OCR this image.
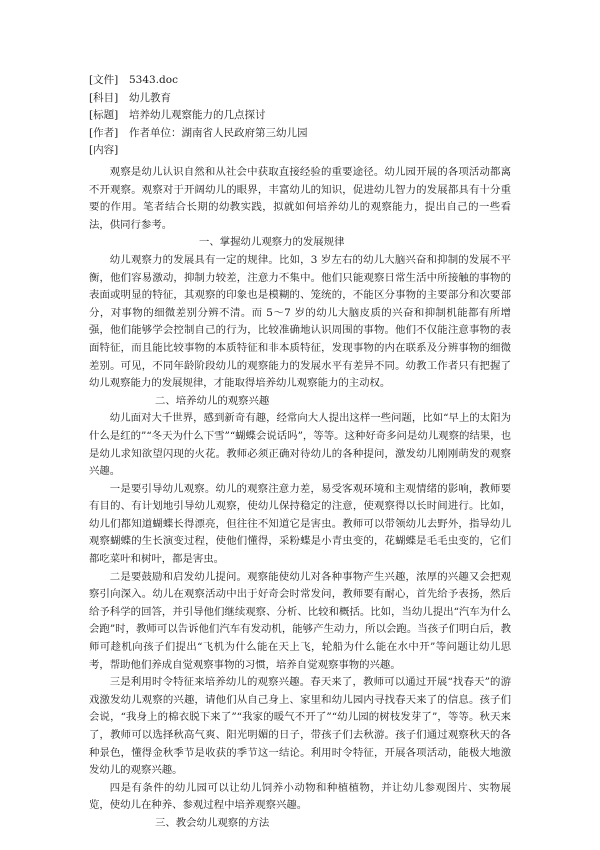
[文件]	5343.doc
[科目]	幼儿教育
[标题]	培养幼儿观察能力的几点探讨
[作者]	作者单位：湖南省人民政府第三幼儿园
[内容]

观察是幼儿认识自然和从社会中获取直接经验的重要途径。幼儿园开展的各项活动都离不开观察。观察对于开阔幼儿的眼界，丰富幼儿的知识，促进幼儿智力的发展都具有十分重要的作用。笔者结合长期的幼教实践，拟就如何培养幼儿的观察能力，提出自己的一些看法，供同行参考。

一、掌握幼儿观察力的发展规律

幼儿观察力的发展具有一定的规律。比如，3 岁左右的幼儿大脑兴奋和抑制的发展不平衡，他们容易激动，抑制力较差，注意力不集中。他们只能观察日常生活中所接触的事物的表面或明显的特征，其观察的印象也是模糊的、笼统的，不能区分事物的主要部分和次要部分，对事物的细微差别分辨不清。而 5～7 岁的幼儿大脑皮质的兴奋和抑制机能都有所增强，他们能够学会控制自己的行为，比较准确地认识周围的事物。他们不仅能注意事物的表面特征，而且能比较事物的本质特征和非本质特征，发现事物的内在联系及分辨事物的细微差别。可见，不同年龄阶段幼儿的观察能力的发展水平有差异不同。幼教工作者只有把握了幼儿观察能力的发展规律，才能取得培养幼儿观察能力的主动权。

二、培养幼儿的观察兴趣

幼儿面对大千世界，感到新奇有趣，经常向大人提出这样一些问题，比如“早上的太阳为什么是红的”“冬天为什么下雪”“蝴蝶会说话吗”，等等。这种好奇多问是幼儿观察的结果，也是幼儿求知欲望闪现的火花。教师必须正确对待幼儿的各种提问，激发幼儿刚刚萌发的观察兴趣。

一是要引导幼儿观察。幼儿的观察注意力差，易受客观环境和主观情绪的影响，教师要有目的、有计划地引导幼儿观察，使幼儿保持稳定的注意，使观察得以长时间进行。比如，幼儿们都知道蝴蝶长得漂亮，但往往不知道它是害虫。教师可以带领幼儿去野外，指导幼儿观察蝴蝶的生长演变过程，使他们懂得，采粉蝶是小青虫变的，花蝴蝶是毛毛虫变的，它们都吃菜叶和树叶，都是害虫。

二是要鼓励和启发幼儿提问。观察能使幼儿对各种事物产生兴趣，浓厚的兴趣又会把观察引向深入。幼儿在观察活动中出于好奇会时常发问，教师要有耐心，首先给予表扬，然后给予科学的回答，并引导他们继续观察、分析、比较和概括。比如，当幼儿提出“汽车为什么会跑”时，教师可以告诉他们汽车有发动机，能够产生动力，所以会跑。当孩子们明白后，教师可趁机向孩子们提出“飞机为什么能在天上飞，轮船为什么能在水中开”等问题让幼儿思考，帮助他们养成自觉观察事物的习惯，培养自觉观察事物的兴趣。

三是利用时令特征来培养幼儿的观察兴趣。春天来了，教师可以通过开展“找春天”的游戏激发幼儿观察的兴趣，请他们从自己身上、家里和幼儿园内寻找春天来了的信息。孩子们会说，“我身上的棉衣脱下来了”“我家的暖气不开了”“幼儿园的树枝发芽了”，等等。秋天来了，教师可以选择秋高气爽、阳光明媚的日子，带孩子们去秋游。孩子们通过观察秋天的各种景色，懂得金秋季节是收获的季节这一结论。利用时令特征，开展各项活动，能极大地激发幼儿的观察兴趣。

四是有条件的幼儿园可以让幼儿饲养小动物和种植植物，并让幼儿参观图片、实物展览，使幼儿在种养、参观过程中培养观察兴趣。

三、教会幼儿观察的方法
